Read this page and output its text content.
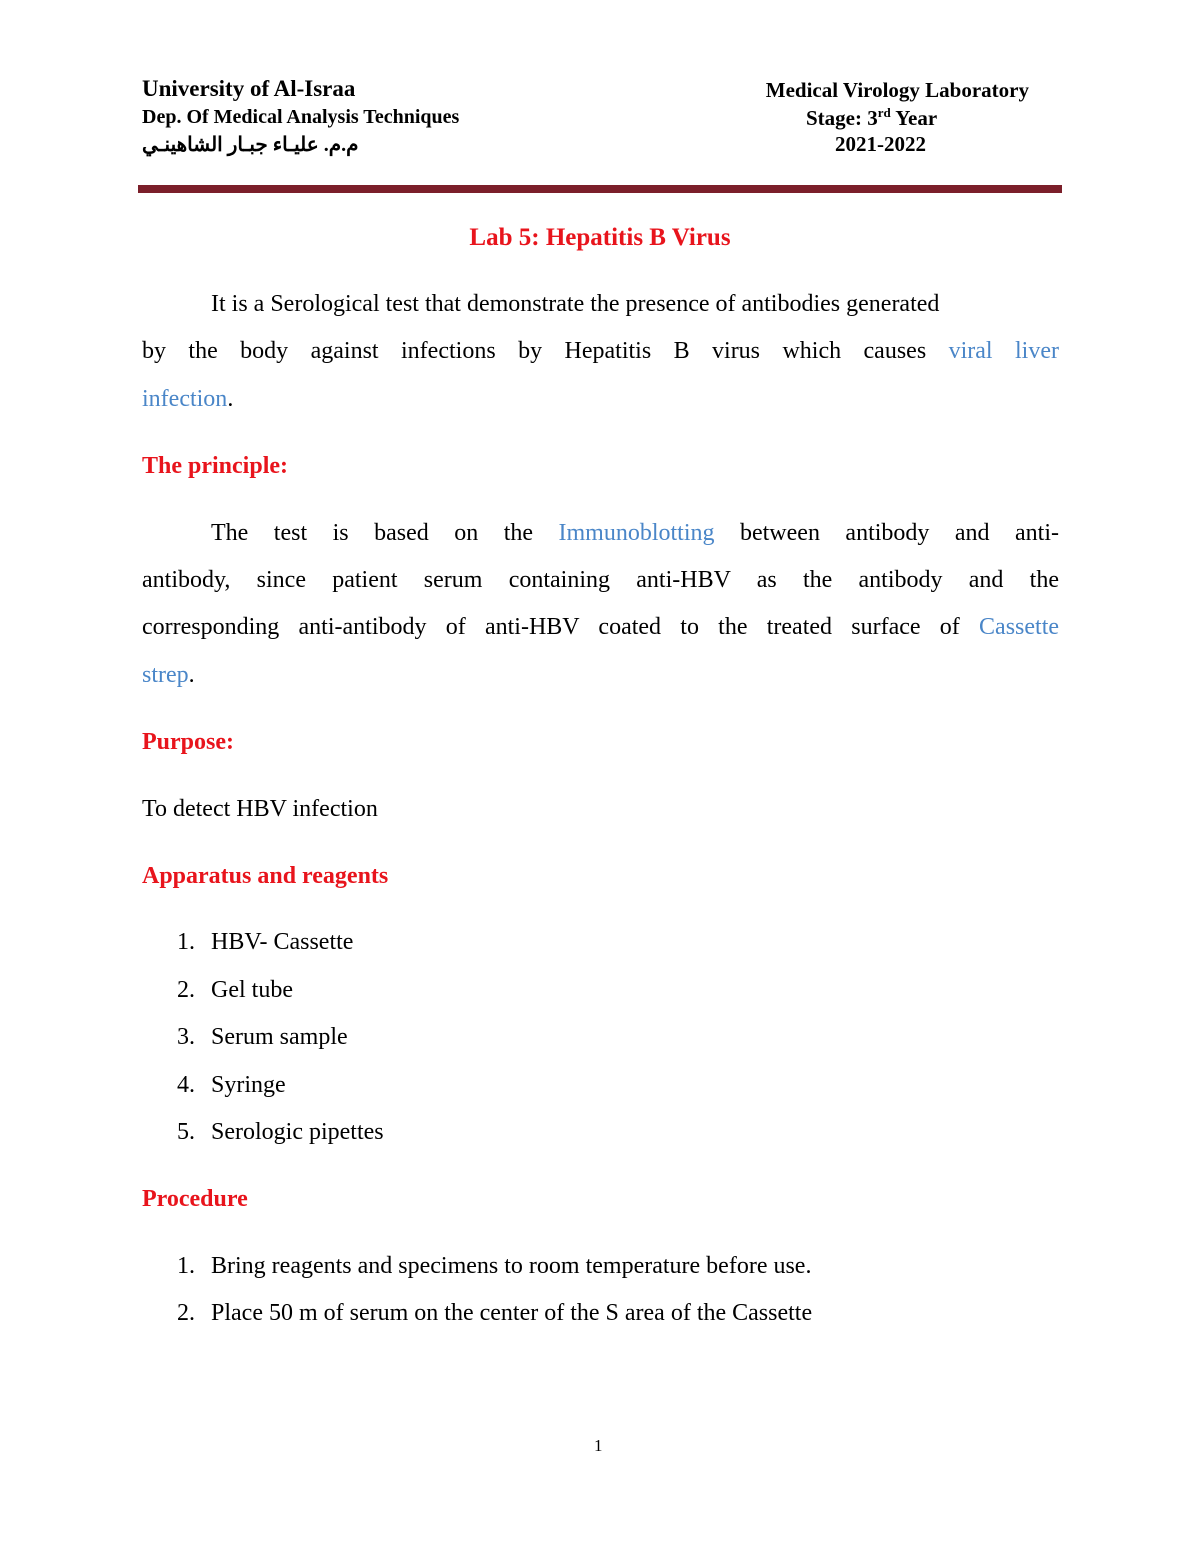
University of Al-Israa
Dep. Of Medical Analysis Techniques
م.م. عليـاء جبـار الشاهينـي
Medical Virology Laboratory
Stage: 3rd Year
2021-2022
Lab 5: Hepatitis B Virus
It is a Serological test that demonstrate the presence of antibodies generated
by the body against infections by Hepatitis B virus which causes viral liver
infection.
The principle:
The test is based on the Immunoblotting between antibody and anti-
antibody, since patient serum containing anti-HBV as the antibody and the
corresponding anti-antibody of anti-HBV coated to the treated surface of Cassette
strep.
Purpose:
To detect HBV infection
Apparatus and reagents
1. HBV- Cassette
2. Gel tube
3. Serum sample
4. Syringe
5. Serologic pipettes
Procedure
1. Bring reagents and specimens to room temperature before use.
2. Place 50 m of serum on the center of the S area of the Cassette
1
